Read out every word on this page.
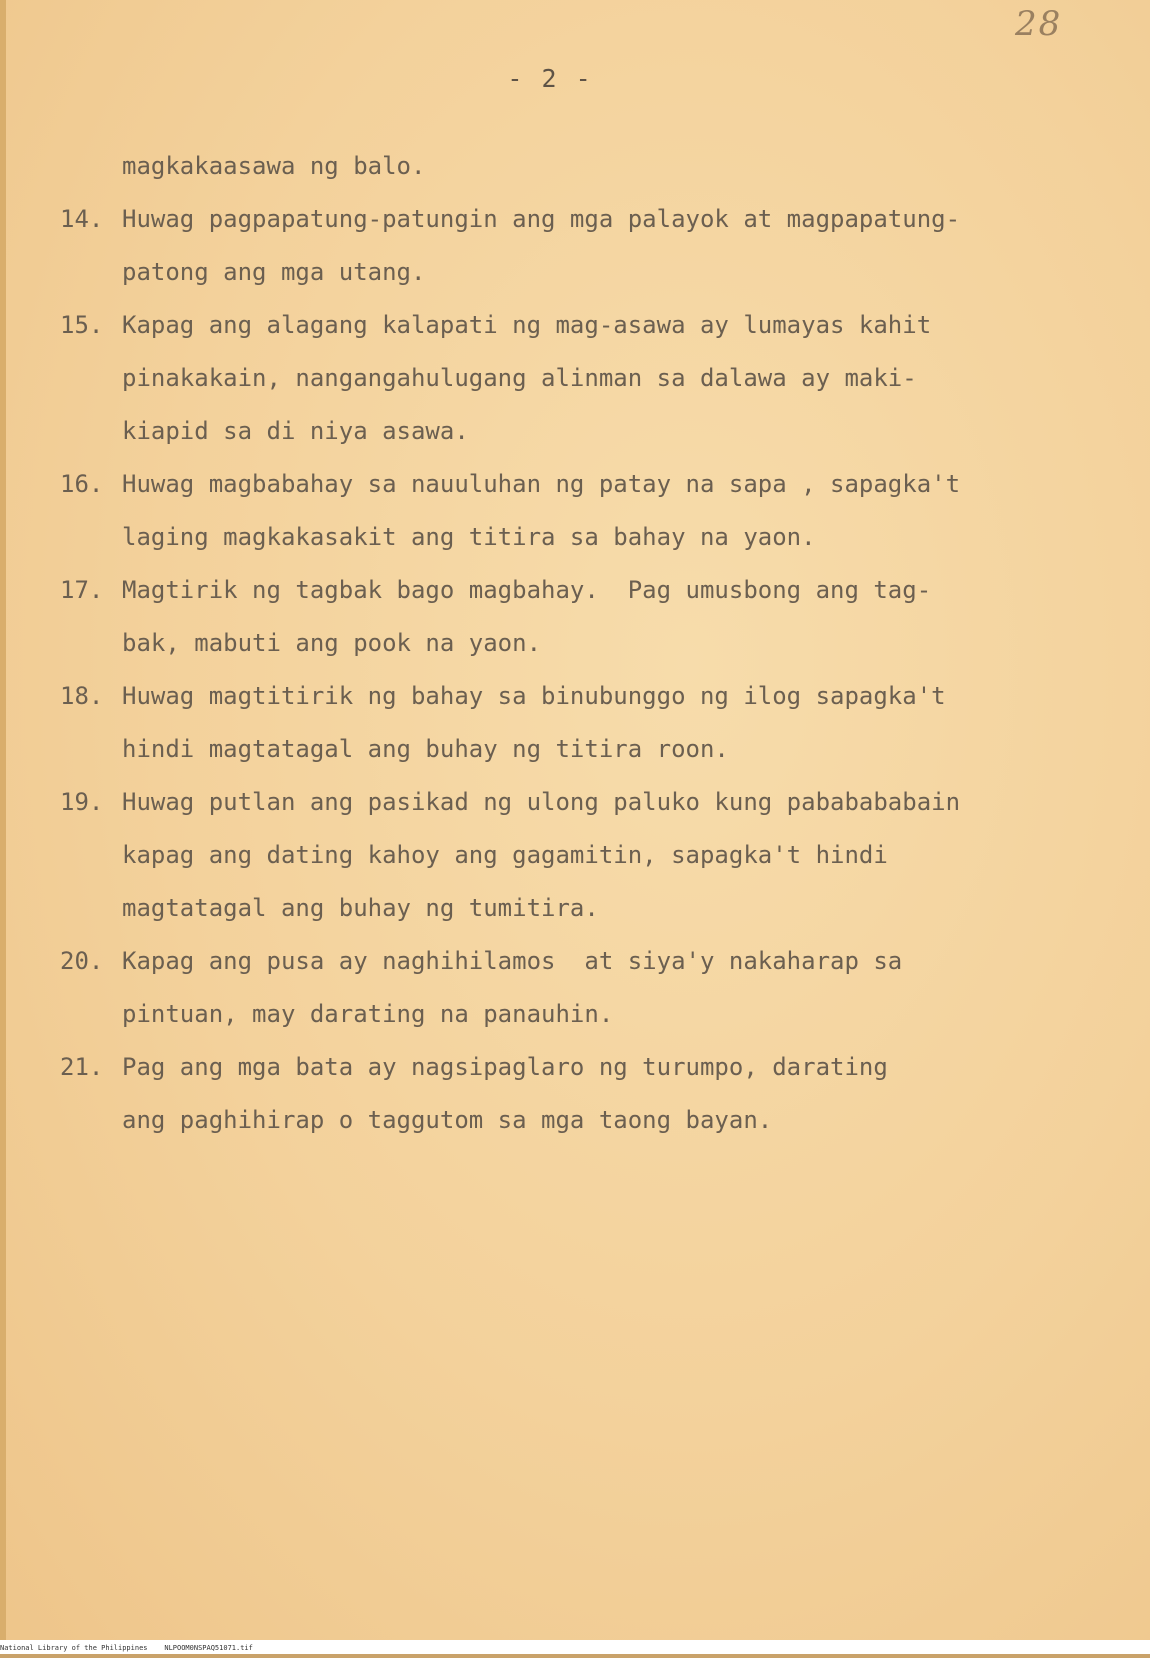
28
- 2 -
magkakaasawa ng balo.
14. Huwag pagpapatung-patungin ang mga palayok at magpapatung-
patong ang mga utang.
15. Kapag ang alagang kalapati ng mag-asawa ay lumayas kahit
pinakakain, nangangahulugang alinman sa dalawa ay maki-
kiapid sa di niya asawa.
16. Huwag magbabahay sa nauuluhan ng patay na sapa , sapagka't
laging magkakasakit ang titira sa bahay na yaon.
17. Magtirik ng tagbak bago magbahay.  Pag umusbong ang tag-
bak, mabuti ang pook na yaon.
18. Huwag magtitirik ng bahay sa binubunggo ng ilog sapagka't
hindi magtatagal ang buhay ng titira roon.
19. Huwag putlan ang pasikad ng ulong paluko kung pababababain
kapag ang dating kahoy ang gagamitin, sapagka't hindi
magtatagal ang buhay ng tumitira.
20. Kapag ang pusa ay naghihilamos  at siya'y nakaharap sa
pintuan, may darating na panauhin.
21. Pag ang mga bata ay nagsipaglaro ng turumpo, darating
ang paghihirap o taggutom sa mga taong bayan.
National Library of the Philippines    NLPOOM0NSPAQ51071.tif
